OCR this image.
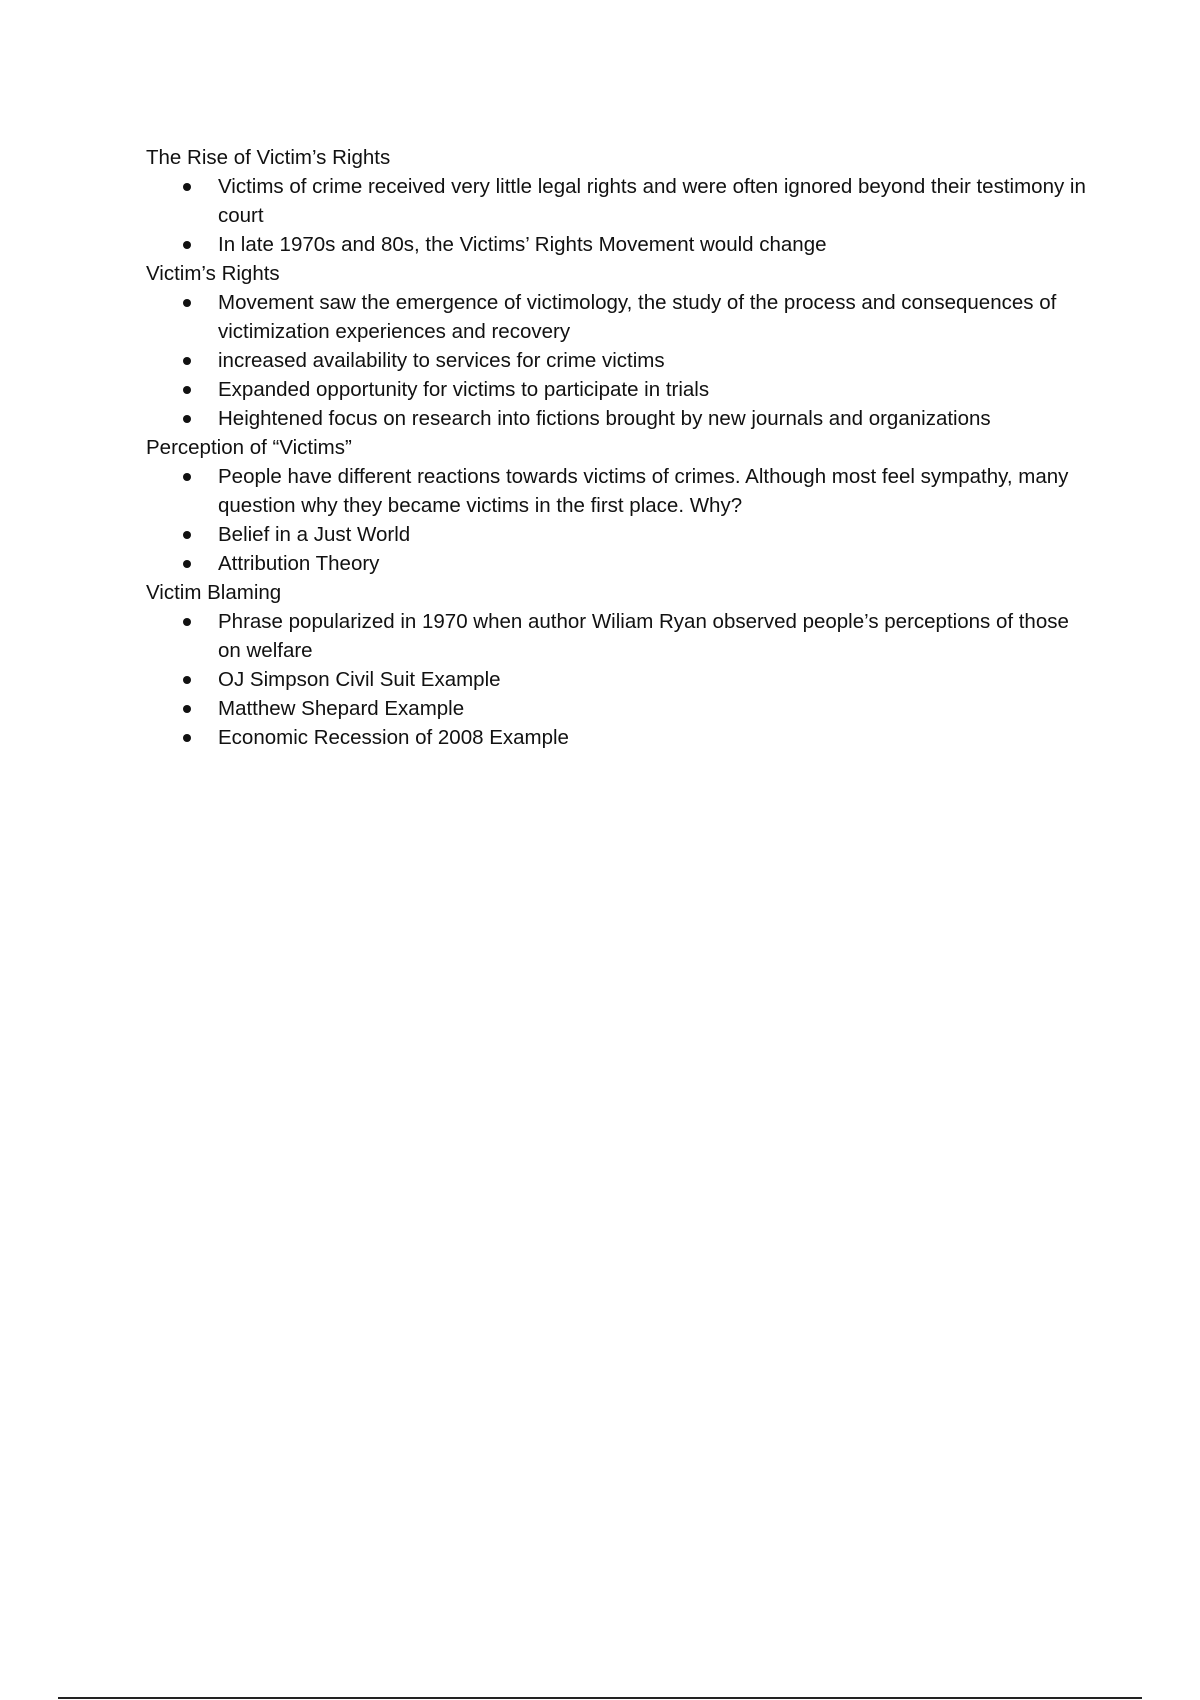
The Rise of Victim’s Rights
Victims of crime received very little legal rights and were often ignored beyond their testimony in court
In late 1970s and 80s, the Victims’ Rights Movement would change
Victim’s Rights
Movement saw the emergence of victimology, the study of the process and consequences of victimization experiences and recovery
increased availability to services for crime victims
Expanded opportunity for victims to participate in trials
Heightened focus on research into fictions brought by new journals and organizations
Perception of “Victims”
People have different reactions towards victims of crimes. Although most feel sympathy, many question why they became victims in the first place. Why?
Belief in a Just World
Attribution Theory
Victim Blaming
Phrase popularized in 1970 when author Wiliam Ryan observed people’s perceptions of those on welfare
OJ Simpson Civil Suit Example
Matthew Shepard Example
Economic Recession of 2008 Example
